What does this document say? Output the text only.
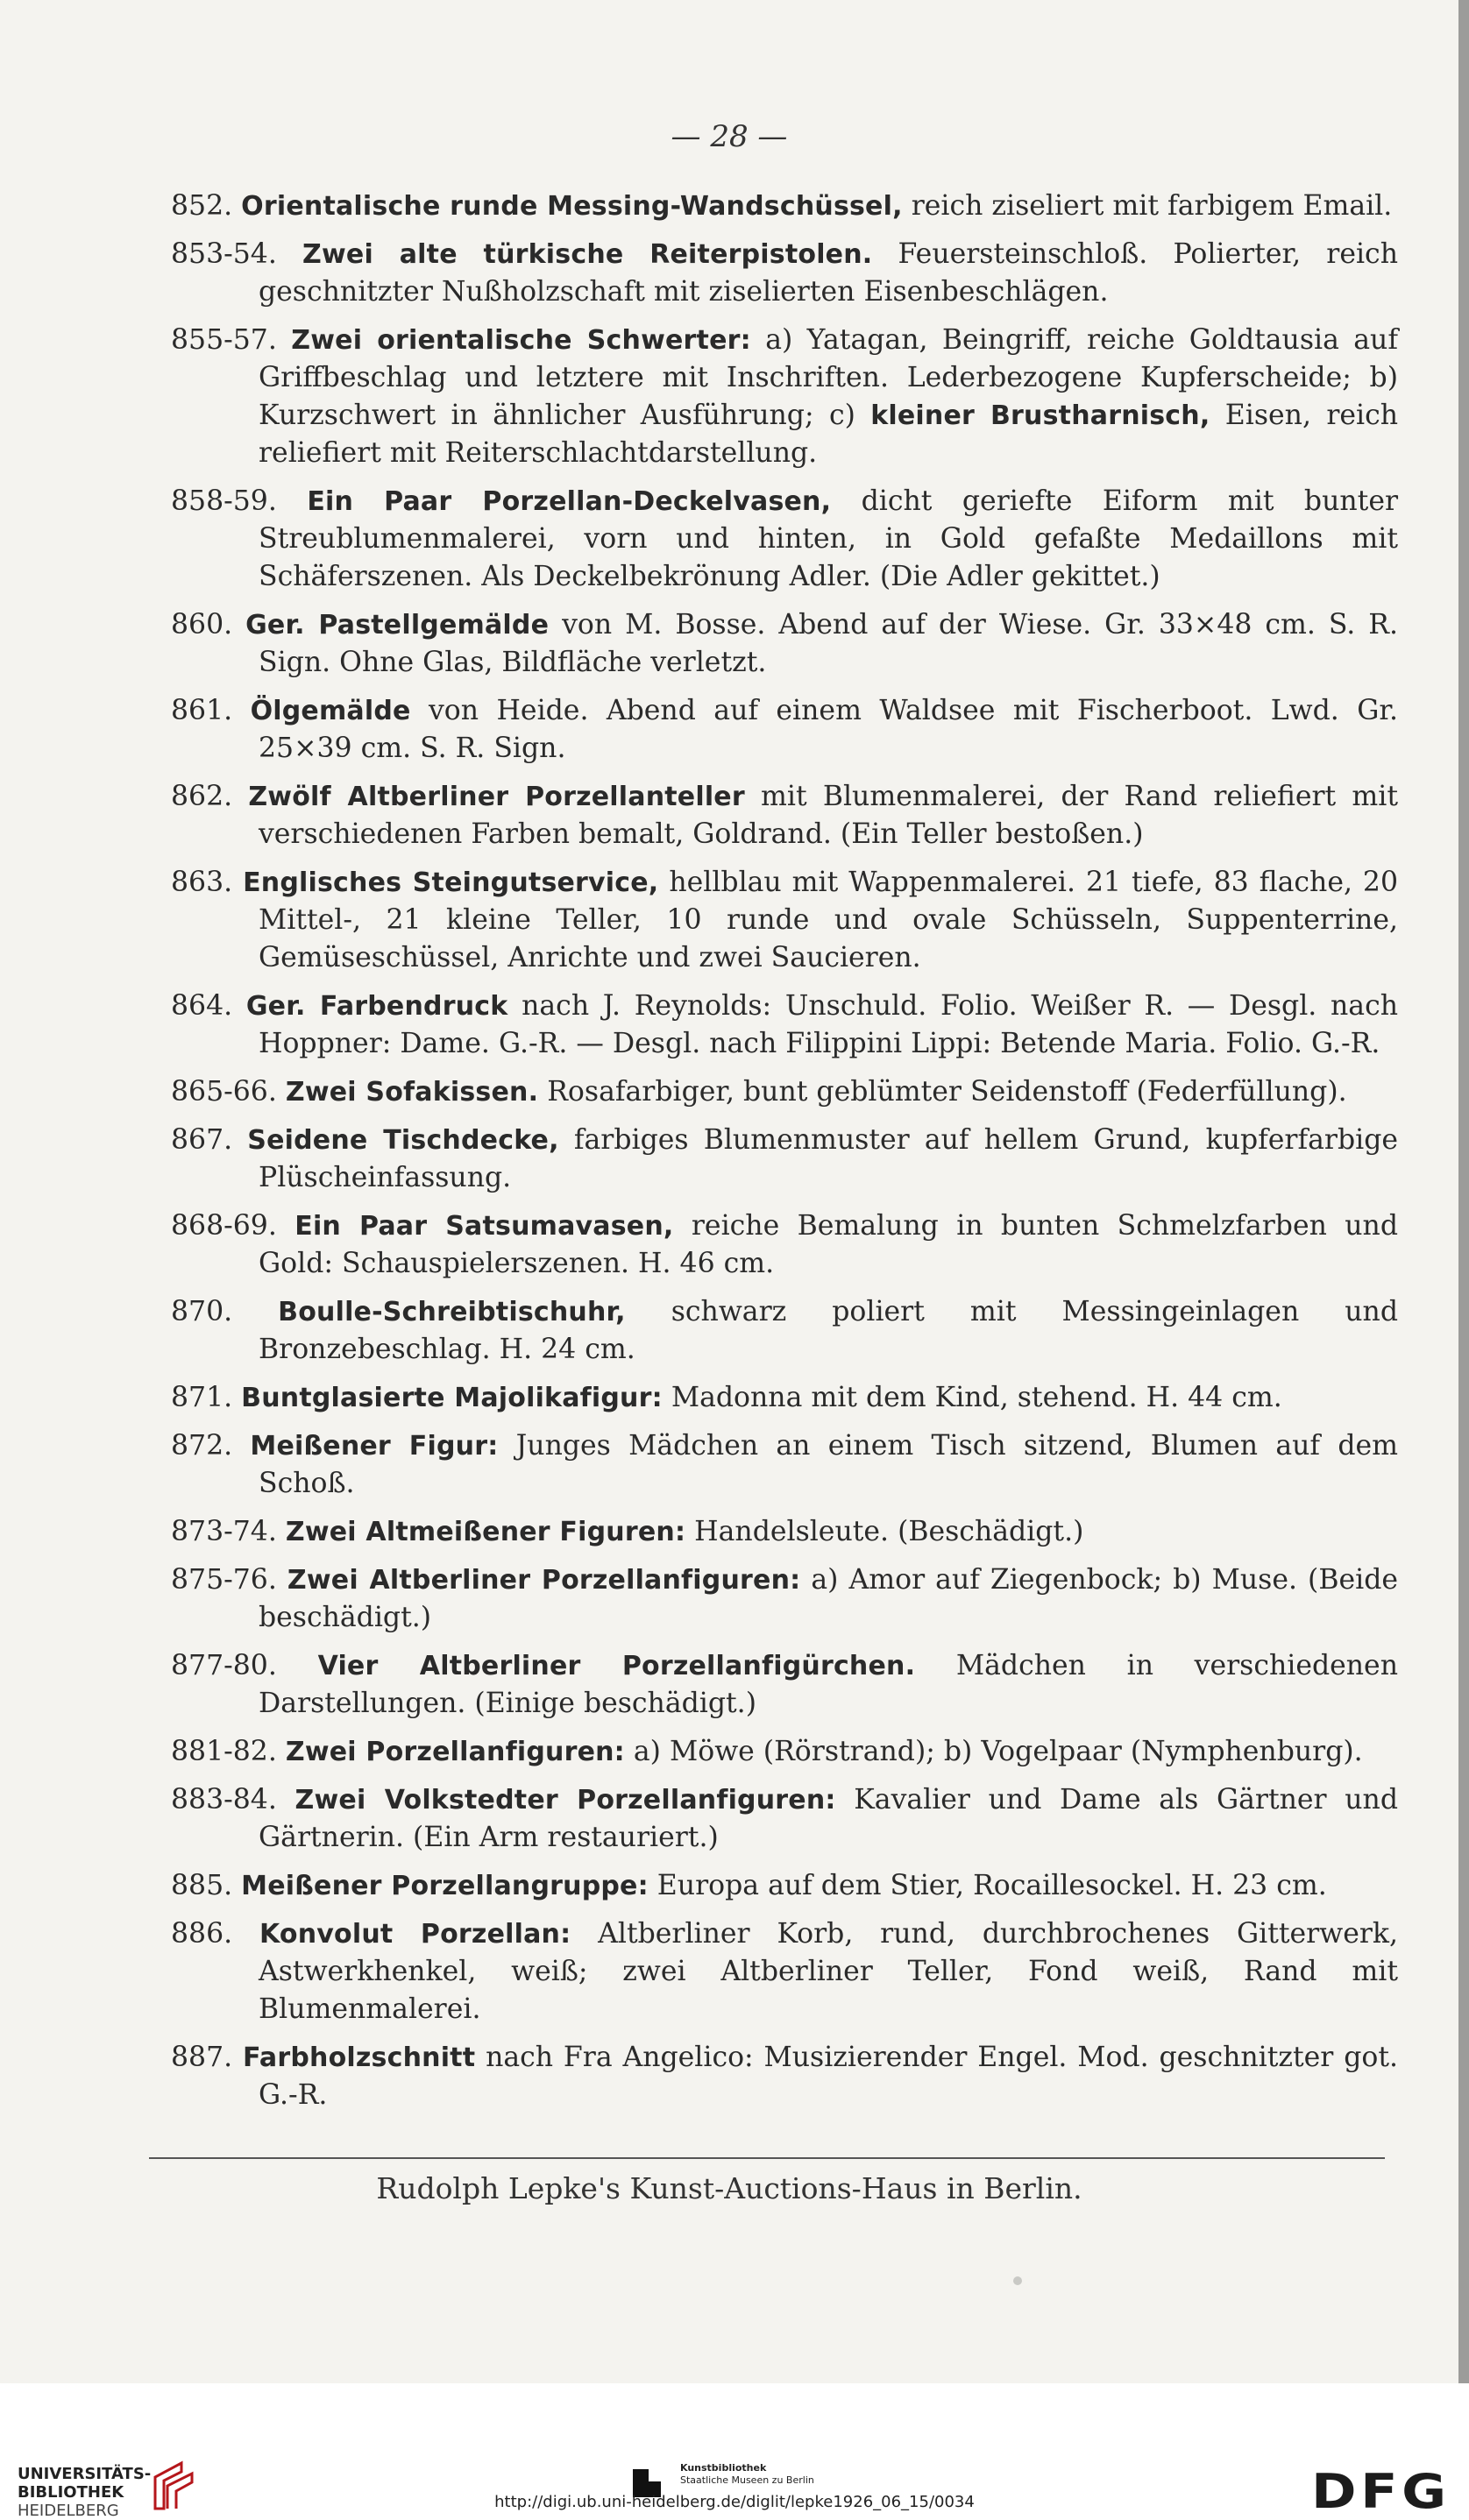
— 28 —
852. Orientalische runde Messing-Wandschüssel, reich ziseliert mit farbigem Email.
853-54. Zwei alte türkische Reiterpistolen. Feuersteinschloß. Polierter, reich geschnitzter Nußholzschaft mit ziselierten Eisenbeschlägen.
855-57. Zwei orientalische Schwerter: a) Yatagan, Beingriff, reiche Goldtausia auf Griffbeschlag und letztere mit Inschriften. Lederbezogene Kupferscheide; b) Kurzschwert in ähnlicher Ausführung; c) kleiner Brustharnisch, Eisen, reich reliefiert mit Reiterschlachtdarstellung.
858-59. Ein Paar Porzellan-Deckelvasen, dicht geriefte Eiform mit bunter Streublumenmalerei, vorn und hinten, in Gold gefaßte Medaillons mit Schäferszenen. Als Deckelbekrönung Adler. (Die Adler gekittet.)
860. Ger. Pastellgemälde von M. Bosse. Abend auf der Wiese. Gr. 33×48 cm. S. R. Sign. Ohne Glas, Bildfläche verletzt.
861. Ölgemälde von Heide. Abend auf einem Waldsee mit Fischerboot. Lwd. Gr. 25×39 cm. S. R. Sign.
862. Zwölf Altberliner Porzellanteller mit Blumenmalerei, der Rand reliefiert mit verschiedenen Farben bemalt, Goldrand. (Ein Teller bestoßen.)
863. Englisches Steingutservice, hellblau mit Wappenmalerei. 21 tiefe, 83 flache, 20 Mittel-, 21 kleine Teller, 10 runde und ovale Schüsseln, Suppenterrine, Gemüseschüssel, Anrichte und zwei Saucieren.
864. Ger. Farbendruck nach J. Reynolds: Unschuld. Folio. Weißer R. — Desgl. nach Hoppner: Dame. G.-R. — Desgl. nach Filippini Lippi: Betende Maria. Folio. G.-R.
865-66. Zwei Sofakissen. Rosafarbiger, bunt geblümter Seidenstoff (Federfüllung).
867. Seidene Tischdecke, farbiges Blumenmuster auf hellem Grund, kupferfarbige Plüscheinfassung.
868-69. Ein Paar Satsumavasen, reiche Bemalung in bunten Schmelzfarben und Gold: Schauspielerszenen. H. 46 cm.
870. Boulle-Schreibtischuhr, schwarz poliert mit Messingeinlagen und Bronzebeschlag. H. 24 cm.
871. Buntglasierte Majolikafigur: Madonna mit dem Kind, stehend. H. 44 cm.
872. Meißener Figur: Junges Mädchen an einem Tisch sitzend, Blumen auf dem Schoß.
873-74. Zwei Altmeißener Figuren: Handelsleute. (Beschädigt.)
875-76. Zwei Altberliner Porzellanfiguren: a) Amor auf Ziegenbock; b) Muse. (Beide beschädigt.)
877-80. Vier Altberliner Porzellanfigürchen. Mädchen in verschiedenen Darstellungen. (Einige beschädigt.)
881-82. Zwei Porzellanfiguren: a) Möwe (Rörstrand); b) Vogelpaar (Nymphenburg).
883-84. Zwei Volkstedter Porzellanfiguren: Kavalier und Dame als Gärtner und Gärtnerin. (Ein Arm restauriert.)
885. Meißener Porzellangruppe: Europa auf dem Stier, Rocaillesockel. H. 23 cm.
886. Konvolut Porzellan: Altberliner Korb, rund, durchbrochenes Gitterwerk, Astwerkhenkel, weiß; zwei Altberliner Teller, Fond weiß, Rand mit Blumenmalerei.
887. Farbholzschnitt nach Fra Angelico: Musizierender Engel. Mod. geschnitzter got. G.-R.
Rudolph Lepke's Kunst-Auctions-Haus in Berlin.
UNIVERSITÄTS-
BIBLIOTHEK
HEIDELBERG
Kunstbibliothek
Staatliche Museen zu Berlin	DFG
http://digi.ub.uni-heidelberg.de/diglit/lepke1926_06_15/0034
